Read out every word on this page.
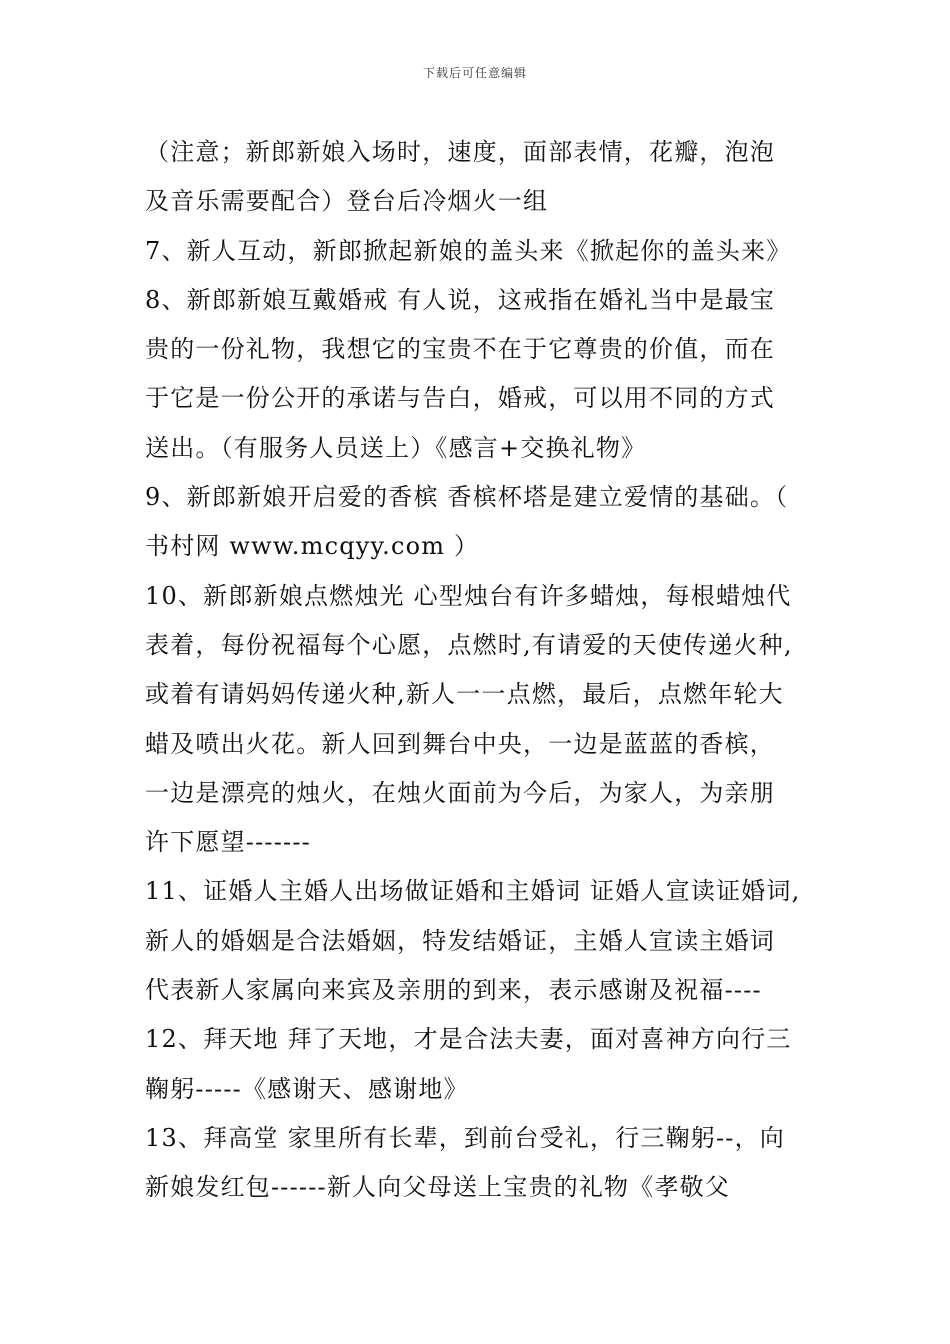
下载后可任意编辑
（注意；新郎新娘入场时，速度，面部表情，花瓣，泡泡
及音乐需要配合）登台后冷烟火一组
7、新人互动，新郎掀起新娘的盖头来《掀起你的盖头来》
8、新郎新娘互戴婚戒 有人说，这戒指在婚礼当中是最宝
贵的一份礼物，我想它的宝贵不在于它尊贵的价值，而在
于它是一份公开的承诺与告白，婚戒，可以用不同的方式
送出。（有服务人员送上）《感言+交换礼物》
9、新郎新娘开启爱的香槟 香槟杯塔是建立爱情的基础。（
书村网 www.mcqyy.com ）
10、新郎新娘点燃烛光 心型烛台有许多蜡烛，每根蜡烛代
表着，每份祝福每个心愿，点燃时,有请爱的天使传递火种,
或着有请妈妈传递火种,新人一一点燃，最后，点燃年轮大
蜡及喷出火花。新人回到舞台中央，一边是蓝蓝的香槟，
一边是漂亮的烛火，在烛火面前为今后，为家人，为亲朋
许下愿望-------
11、证婚人主婚人出场做证婚和主婚词 证婚人宣读证婚词,
新人的婚姻是合法婚姻，特发结婚证，主婚人宣读主婚词
代表新人家属向来宾及亲朋的到来，表示感谢及祝福----
12、拜天地 拜了天地，才是合法夫妻，面对喜神方向行三
鞠躬-----《感谢天、感谢地》
13、拜高堂 家里所有长辈，到前台受礼，行三鞠躬--，向
新娘发红包------新人向父母送上宝贵的礼物《孝敬父
